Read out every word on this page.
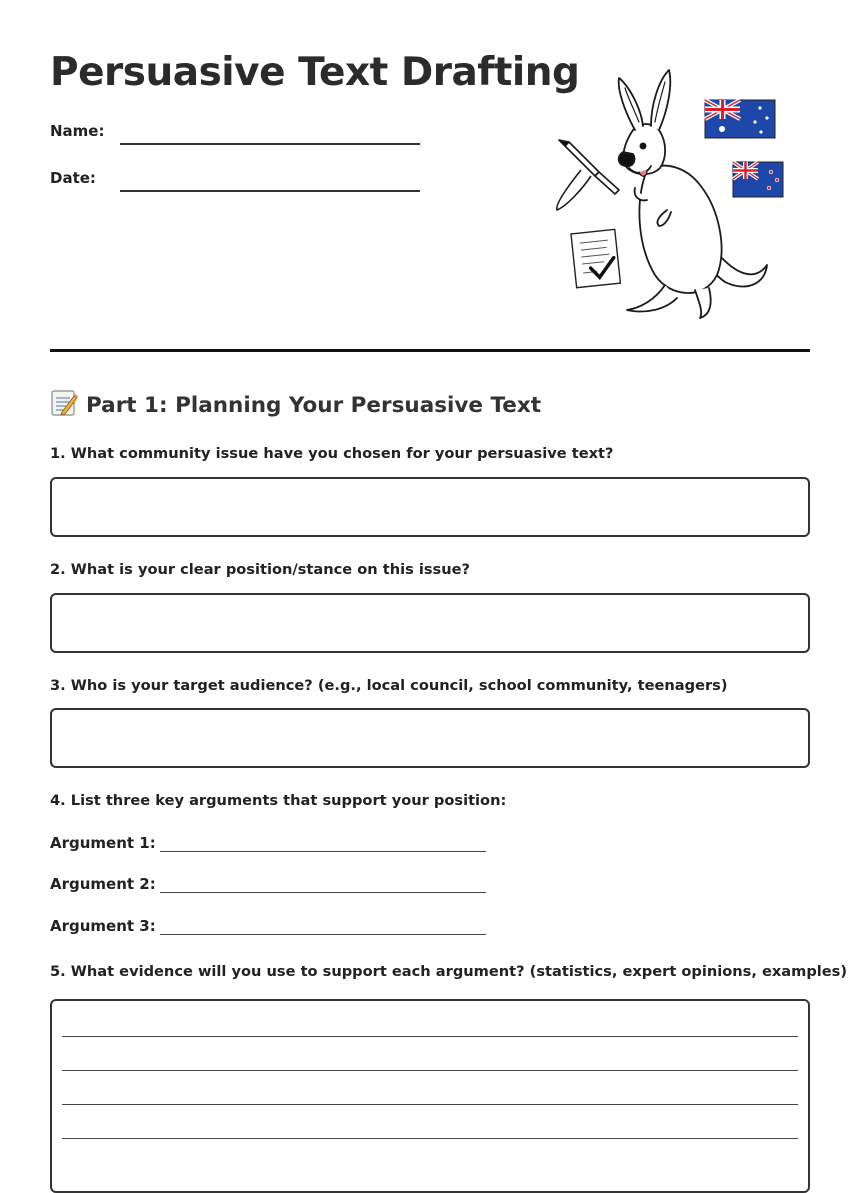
Persuasive Text Drafting
Name:
Date:
Part 1: Planning Your Persuasive Text

1. What community issue have you chosen for your persuasive text?

2. What is your clear position/stance on this issue?

3. Who is your target audience? (e.g., local council, school community, teenagers)

4. List three key arguments that support your position:

Argument 1:
Argument 2:
Argument 3:

5. What evidence will you use to support each argument? (statistics, expert opinions, examples)
